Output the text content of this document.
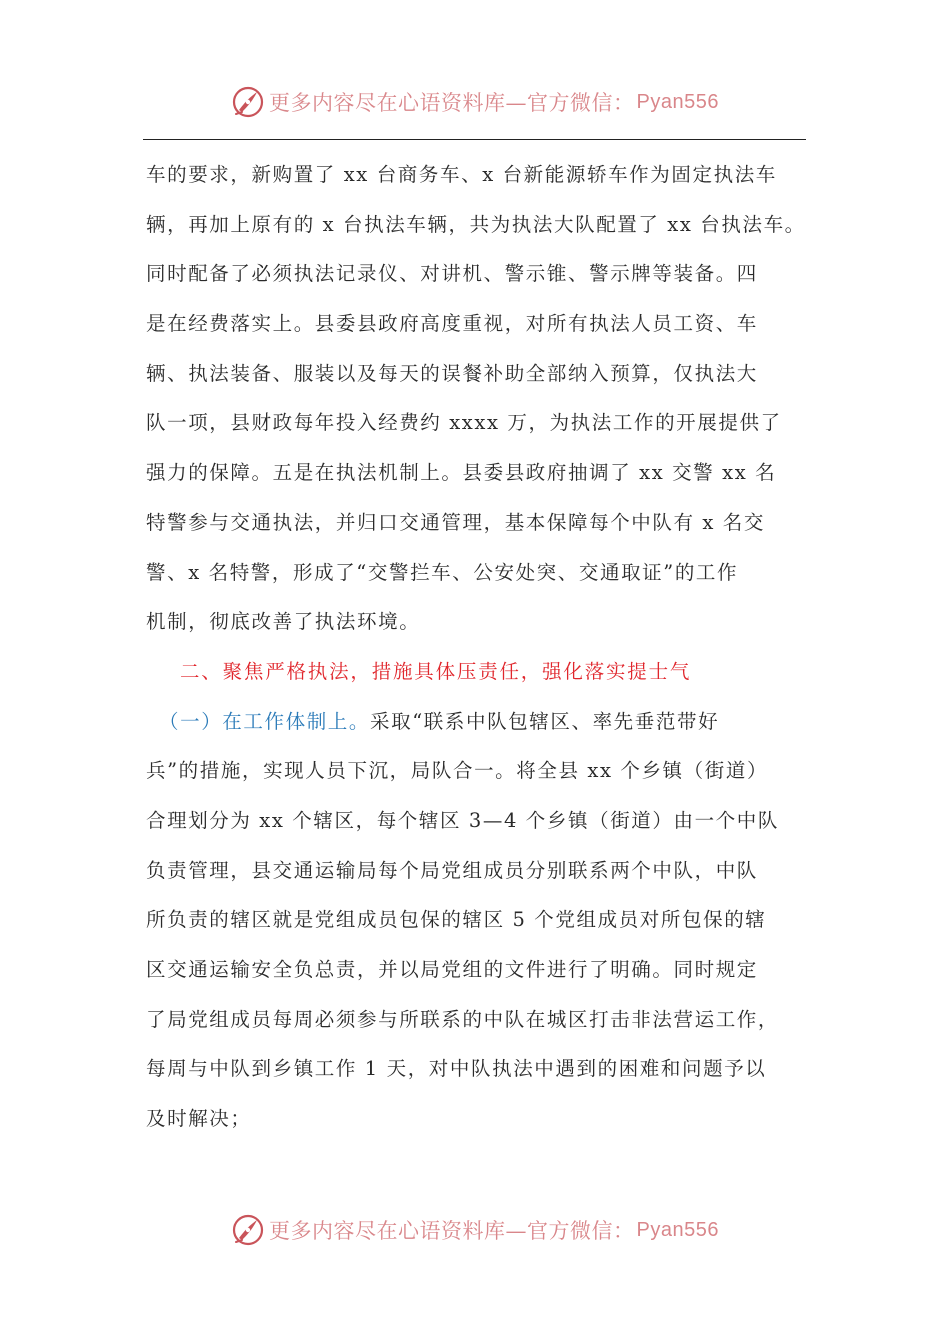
更多内容尽在心语资料库—官方微信： Pyan556
车的要求，新购置了 xx 台商务车、x 台新能源轿车作为固定执法车
辆，再加上原有的 x 台执法车辆，共为执法大队配置了 xx 台执法车。
同时配备了必须执法记录仪、对讲机、警示锥、警示牌等装备。四
是在经费落实上。县委县政府高度重视，对所有执法人员工资、车
辆、执法装备、服装以及每天的误餐补助全部纳入预算，仅执法大
队一项，县财政每年投入经费约 xxxx 万，为执法工作的开展提供了
强力的保障。五是在执法机制上。县委县政府抽调了 xx 交警 xx 名
特警参与交通执法，并归口交通管理，基本保障每个中队有 x 名交
警、x 名特警，形成了“交警拦车、公安处突、交通取证”的工作
机制，彻底改善了执法环境。
二、聚焦严格执法，措施具体压责任，强化落实提士气
（一）在工作体制上。采取“联系中队包辖区、率先垂范带好
兵”的措施，实现人员下沉，局队合一。将全县 xx 个乡镇（街道）
合理划分为 xx 个辖区，每个辖区 3—4 个乡镇（街道）由一个中队
负责管理，县交通运输局每个局党组成员分别联系两个中队，中队
所负责的辖区就是党组成员包保的辖区 5 个党组成员对所包保的辖
区交通运输安全负总责，并以局党组的文件进行了明确。同时规定
了局党组成员每周必须参与所联系的中队在城区打击非法营运工作，
每周与中队到乡镇工作 1 天，对中队执法中遇到的困难和问题予以
及时解决；
更多内容尽在心语资料库—官方微信： Pyan556
